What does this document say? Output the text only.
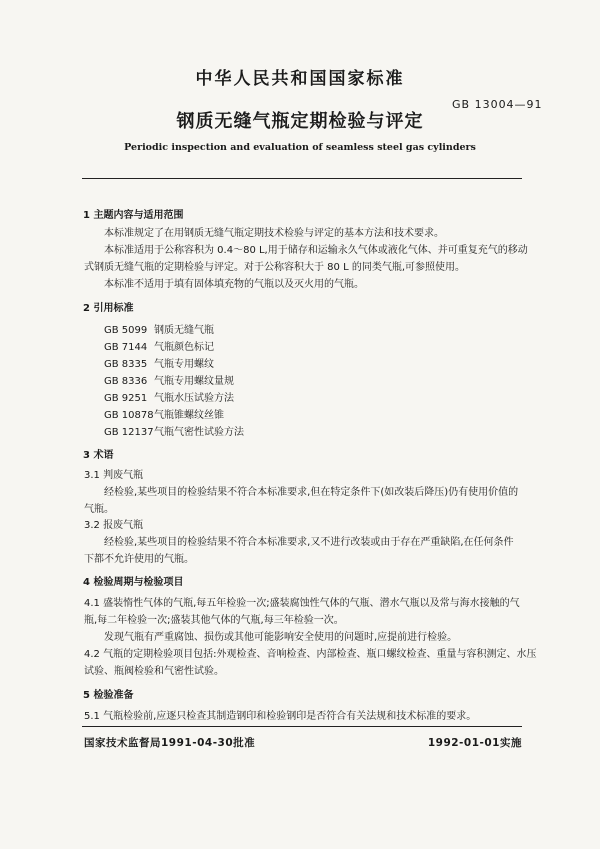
中华人民共和国国家标准
GB 13004—91
钢质无缝气瓶定期检验与评定
Periodic inspection and evaluation of seamless steel gas cylinders
1 主题内容与适用范围
本标准规定了在用钢质无缝气瓶定期技术检验与评定的基本方法和技术要求。
本标准适用于公称容积为 0.4～80 L,用于储存和运输永久气体或液化气体、并可重复充气的移动
式钢质无缝气瓶的定期检验与评定。对于公称容积大于 80 L 的同类气瓶,可参照使用。
本标准不适用于填有固体填充物的气瓶以及灭火用的气瓶。
2 引用标准
GB 5099 钢质无缝气瓶
GB 7144 气瓶颜色标记
GB 8335 气瓶专用螺纹
GB 8336 气瓶专用螺纹量规
GB 9251 气瓶水压试验方法
GB 10878气瓶锥螺纹丝锥
GB 12137气瓶气密性试验方法
3 术语
3.1 判废气瓶
经检验,某些项目的检验结果不符合本标准要求,但在特定条件下(如改装后降压)仍有使用价值的
气瓶。
3.2 报废气瓶
经检验,某些项目的检验结果不符合本标准要求,又不进行改装或由于存在严重缺陷,在任何条件
下都不允许使用的气瓶。
4 检验周期与检验项目
4.1 盛装惰性气体的气瓶,每五年检验一次;盛装腐蚀性气体的气瓶、潜水气瓶以及常与海水接触的气
瓶,每二年检验一次;盛装其他气体的气瓶,每三年检验一次。
发现气瓶有严重腐蚀、损伤或其他可能影响安全使用的问题时,应提前进行检验。
4.2 气瓶的定期检验项目包括:外观检查、音响检查、内部检查、瓶口螺纹检查、重量与容积测定、水压
试验、瓶阀检验和气密性试验。
5 检验准备
5.1 气瓶检验前,应逐只检查其制造钢印和检验钢印是否符合有关法规和技术标准的要求。
国家技术监督局1991-04-30批准	1992-01-01实施
